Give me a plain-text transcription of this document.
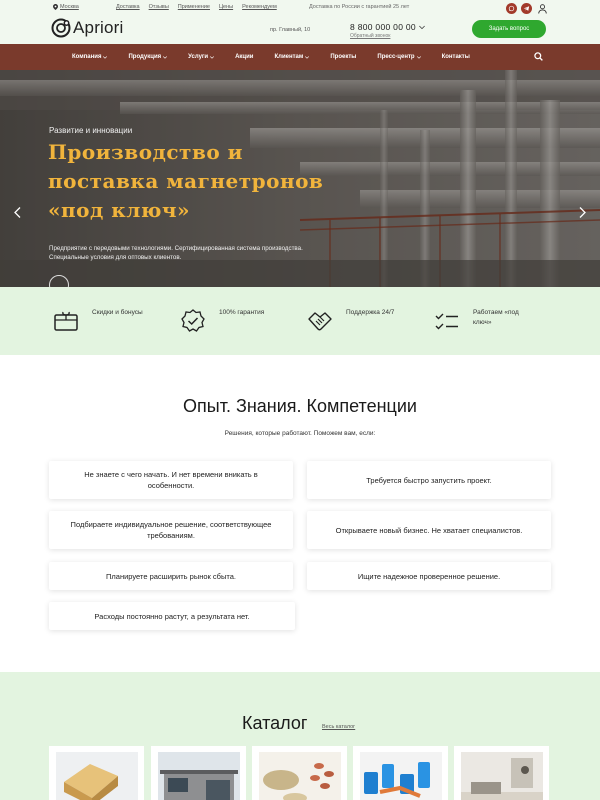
Москва	Доставка Отзывы Применение Цены Рекомендуем	Доставка по России с гарантией 25 лет
Apriori	пр. Главный, 10	8 800 000 00 00
Обратный звонок
Задать вопрос
Компания	Продукция	Услуги	Акции	Клиентам	Проекты	Пресс-центр	Контакты
Развитие и инновации
Производство и
поставка магнетронов
«под ключ»
Предприятие с передовыми технологиями. Сертифицированная система производства. Специальные условия для оптовых клиентов.
Скидки и бонусы	100% гарантия	Поддержка 24/7	Работаем «под ключ»
Опыт. Знания. Компетенции
Решения, которые работают. Поможем вам, если:
Не знаете с чего начать. И нет времени вникать в особенности.
Требуется быстро запустить проект.
Подбираете индивидуальное решение, соответствующее требованиям.
Открываете новый бизнес. Не хватает специалистов.
Планируете расширить рынок сбыта.	Ищите надежное проверенное решение.
Расходы постоянно растут, а результата нет.
Каталог	Весь каталог
